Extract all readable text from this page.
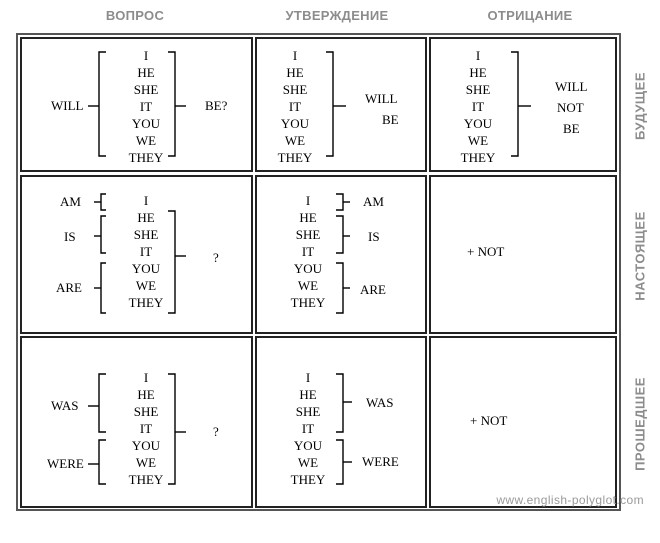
ВОПРОС	УТВЕРЖДЕНИЕ	ОТРИЦАНИЕ
БУДУЩЕЕ
НАСТОЯЩЕЕ
ПРОШЕДШЕЕ
WILL
I
HE
SHE
IT
YOU
WE
THEY
BE?
I
HE
SHE
IT
YOU
WE
THEY
WILL
BE
I
HE
SHE
IT
YOU
WE
THEY
WILL
NOT
BE
AM
IS
ARE
I
HE
SHE
IT
YOU
WE
THEY
?
I
HE
SHE
IT
YOU
WE
THEY
AM
IS
ARE
+ NOT
WAS
WERE
I
HE
SHE
IT
YOU
WE
THEY
?
I
HE
SHE
IT
YOU
WE
THEY
WAS
WERE
+ NOT
www.english-polyglot.com
